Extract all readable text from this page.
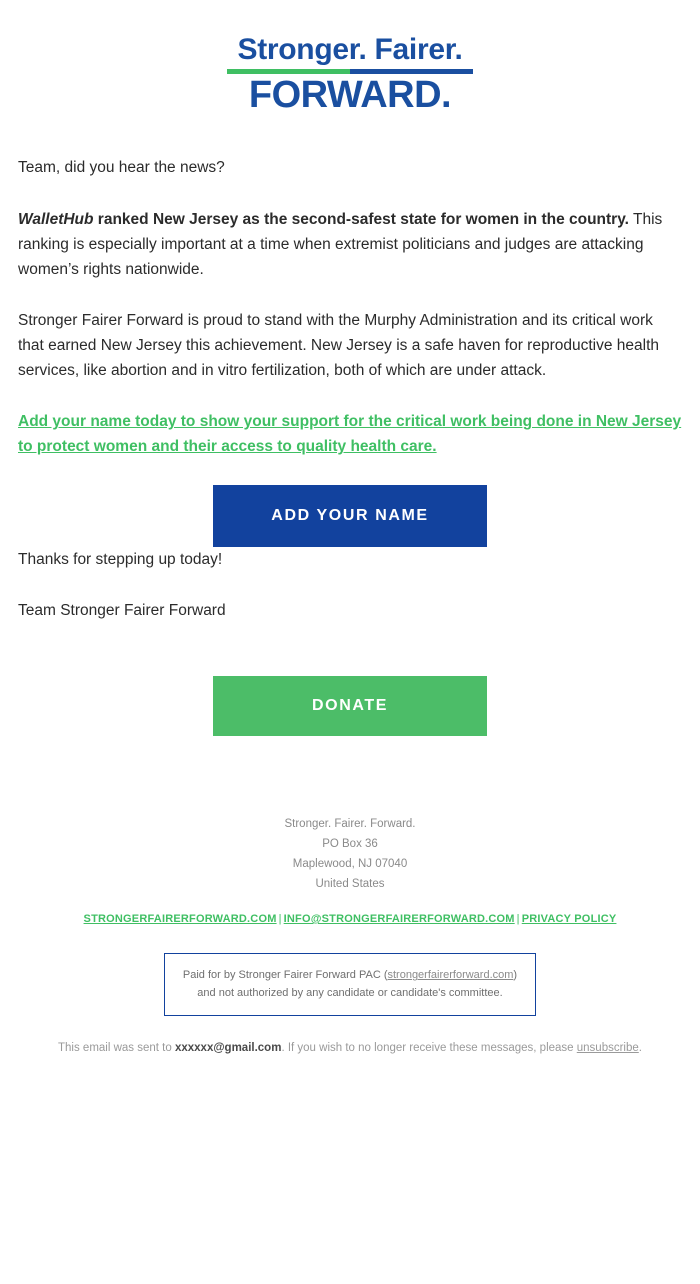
Stronger. Fairer.
FORWARD.

Team, did you hear the news?

WalletHub ranked New Jersey as the second-safest state for women in the country. This ranking is especially important at a time when extremist politicians and judges are attacking women’s rights nationwide.

Stronger Fairer Forward is proud to stand with the Murphy Administration and its critical work that earned New Jersey this achievement. New Jersey is a safe haven for reproductive health services, like abortion and in vitro fertilization, both of which are under attack.

Add your name today to show your support for the critical work being done in New Jersey to protect women and their access to quality health care.

ADD YOUR NAME

Thanks for stepping up today!

Team Stronger Fairer Forward

DONATE
Stronger. Fairer. Forward.
PO Box 36
Maplewood, NJ 07040
United States
STRONGERFAIRERFORWARD.COM | INFO@STRONGERFAIRERFORWARD.COM | PRIVACY POLICY
Paid for by Stronger Fairer Forward PAC (strongerfairerforward.com)
and not authorized by any candidate or candidate's committee.
This email was sent to xxxxxx@gmail.com. If you wish to no longer receive these messages, please unsubscribe.
